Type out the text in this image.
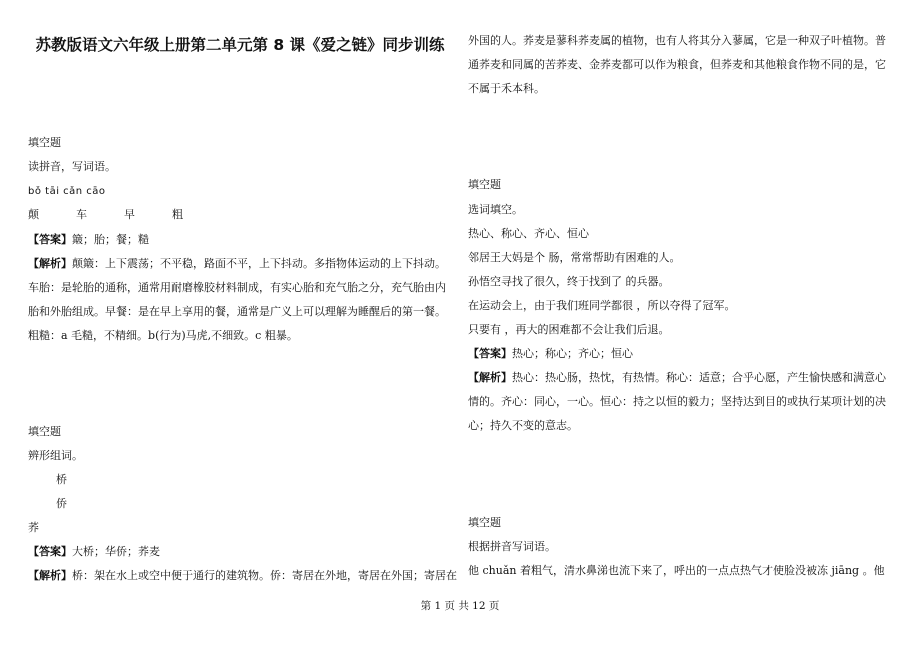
苏教版语文六年级上册第二单元第 8 课《爱之链》同步训练
填空题
读拼音，写词语。
bǒ tāi cǎn cāo
颠	车	早	粗
【答案】簸；胎；餐；糙
【解析】颠簸：上下震荡；不平稳，路面不平，上下抖动。多指物体运动的上下抖动。车胎：是轮胎的通称，通常用耐磨橡胶材料制成，有实心胎和充气胎之分，充气胎由内胎和外胎组成。早餐：是在早上享用的餐，通常是广义上可以理解为睡醒后的第一餐。粗糙：a 毛糙，不精细。b(行为)马虎,不细致。c 粗暴。
填空题
辨形组词。
桥
侨
荞
【答案】大桥；华侨；荞麦
【解析】桥：架在水上或空中便于通行的建筑物。侨：寄居在外地，寄居在外国；寄居在
外国的人。荞麦是蓼科荞麦属的植物，也有人将其分入蓼属，它是一种双子叶植物。普通荞麦和同属的苦荞麦、金荞麦都可以作为粮食，但荞麦和其他粮食作物不同的是，它不属于禾本科。
填空题
选词填空。
热心、称心、齐心、恒心
邻居王大妈是个 肠，常常帮助有困难的人。
孙悟空寻找了很久，终于找到了 的兵器。
在运动会上，由于我们班同学都很 ，所以夺得了冠军。
只要有 ，再大的困难都不会让我们后退。
【答案】热心；称心；齐心；恒心
【解析】热心：热心肠，热忱，有热情。称心：适意；合乎心愿，产生愉快感和满意心情的。齐心：同心，一心。恒心：持之以恒的毅力；坚持达到目的或执行某项计划的决心；持久不变的意志。
填空题
根据拼音写词语。
他 chuǎn 着粗气，清水鼻涕也流下来了，呼出的一点点热气才使脸没被冻 jiāng 。他
第 1 页 共 12 页
